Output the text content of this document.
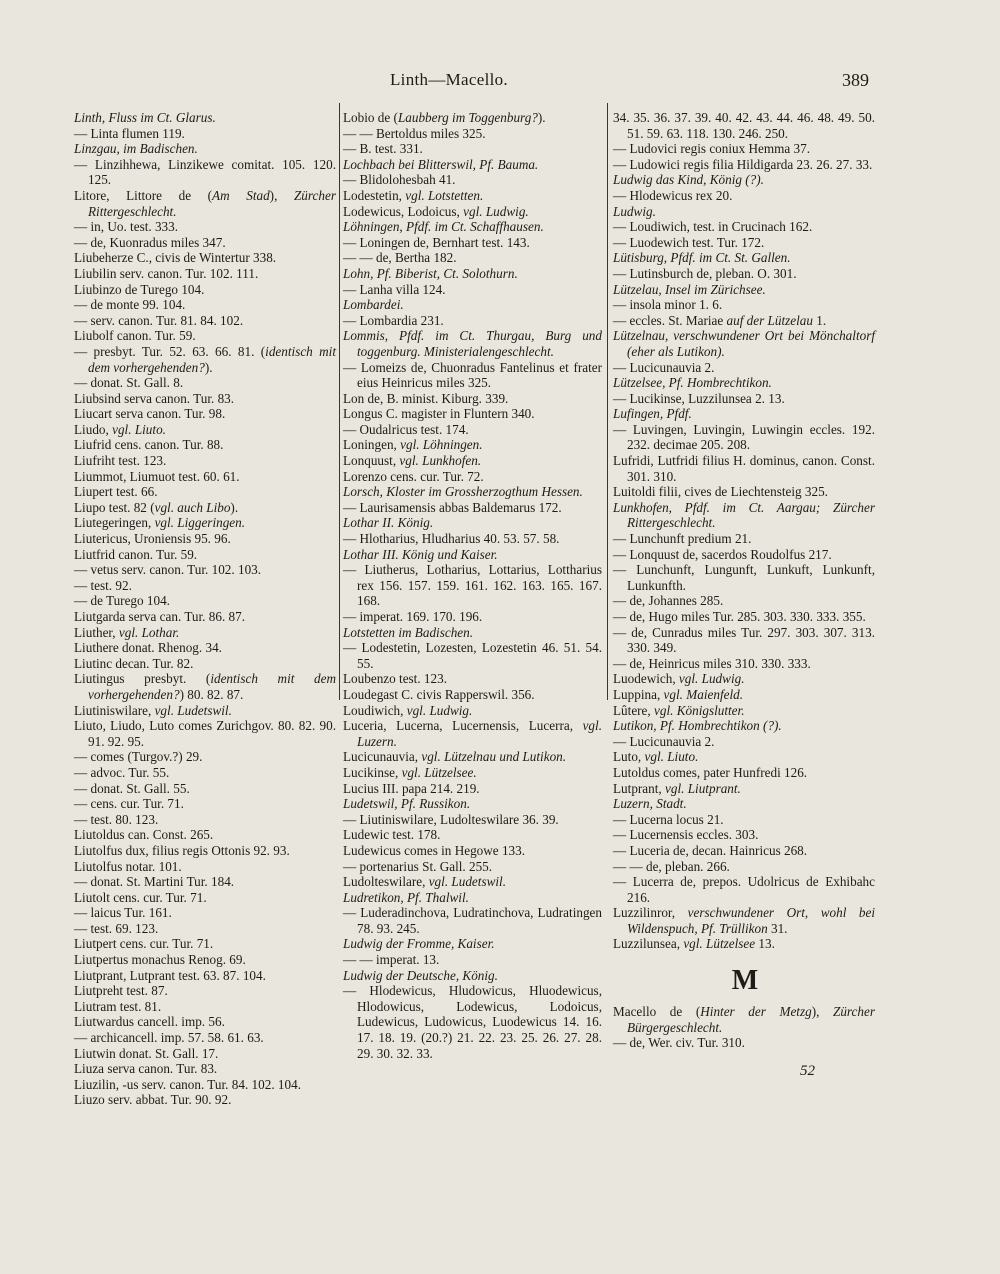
Linth—Macello.	389

Linth, Fluss im Ct. Glarus.

— Linta flumen 119.

Linzgau, im Badischen.

— Linzihhewa, Linzikewe comitat. 105. 120. 125.

Litore, Littore de (Am Stad), Zürcher Rittergeschlecht.

— in, Uo. test. 333.

— de, Kuonradus miles 347.

Liubeherze C., civis de Wintertur 338.

Liubilin serv. canon. Tur. 102. 111.

Liubinzo de Turego 104.

— de monte 99. 104.

— serv. canon. Tur. 81. 84. 102.

Liubolf canon. Tur. 59.

— presbyt. Tur. 52. 63. 66. 81. (identisch mit dem vorhergehenden?).

— donat. St. Gall. 8.

Liubsind serva canon. Tur. 83.

Liucart serva canon. Tur. 98.

Liudo, vgl. Liuto.

Liufrid cens. canon. Tur. 88.

Liufriht test. 123.

Liummot, Liumuot test. 60. 61.

Liupert test. 66.

Liupo test. 82 (vgl. auch Libo).

Liutegeringen, vgl. Liggeringen.

Liutericus, Uroniensis 95. 96.

Liutfrid canon. Tur. 59.

— vetus serv. canon. Tur. 102. 103.

— test. 92.

— de Turego 104.

Liutgarda serva can. Tur. 86. 87.

Liuther, vgl. Lothar.

Liuthere donat. Rhenog. 34.

Liutinc decan. Tur. 82.

Liutingus presbyt. (identisch mit dem vorhergehenden?) 80. 82. 87.

Liutiniswilare, vgl. Ludetswil.

Liuto, Liudo, Luto comes Zurichgov. 80. 82. 90. 91. 92. 95.

— comes (Turgov.?) 29.

— advoc. Tur. 55.

— donat. St. Gall. 55.

— cens. cur. Tur. 71.

— test. 80. 123.

Liutoldus can. Const. 265.

Liutolfus dux, filius regis Ottonis 92. 93.

Liutolfus notar. 101.

— donat. St. Martini Tur. 184.

Liutolt cens. cur. Tur. 71.

— laicus Tur. 161.

— test. 69. 123.

Liutpert cens. cur. Tur. 71.

Liutpertus monachus Renog. 69.

Liutprant, Lutprant test. 63. 87. 104.

Liutpreht test. 87.

Liutram test. 81.

Liutwardus cancell. imp. 56.

— archicancell. imp. 57. 58. 61. 63.

Liutwin donat. St. Gall. 17.

Liuza serva canon. Tur. 83.

Liuzilin, -us serv. canon. Tur. 84. 102. 104.

Liuzo serv. abbat. Tur. 90. 92.

Lobio de (Laubberg im Toggenburg?).

— — Bertoldus miles 325.

— B. test. 331.

Lochbach bei Blitterswil, Pf. Bauma.

— Blidolohesbah 41.

Lodestetin, vgl. Lotstetten.

Lodewicus, Lodoicus, vgl. Ludwig.

Löhningen, Pfdf. im Ct. Schaffhausen.

— Loningen de, Bernhart test. 143.

— — de, Bertha 182.

Lohn, Pf. Biberist, Ct. Solothurn.

— Lanha villa 124.

Lombardei.

— Lombardia 231.

Lommis, Pfdf. im Ct. Thurgau, Burg und toggenburg. Ministerialengeschlecht.

— Lomeizs de, Chuonradus Fantelinus et frater eius Heinricus miles 325.

Lon de, B. minist. Kiburg. 339.

Longus C. magister in Fluntern 340.

— Oudalricus test. 174.

Loningen, vgl. Löhningen.

Lonquust, vgl. Lunkhofen.

Lorenzo cens. cur. Tur. 72.

Lorsch, Kloster im Grossherzogthum Hessen.

— Laurisamensis abbas Baldemarus 172.

Lothar II. König.

— Hlotharius, Hludharius 40. 53. 57. 58.

Lothar III. König und Kaiser.

— Liutherus, Lotharius, Lottarius, Lottharius rex 156. 157. 159. 161. 162. 163. 165. 167. 168.

— imperat. 169. 170. 196.

Lotstetten im Badischen.

— Lodestetin, Lozesten, Lozestetin 46. 51. 54. 55.

Loubenzo test. 123.

Loudegast C. civis Rapperswil. 356.

Loudiwich, vgl. Ludwig.

Luceria, Lucerna, Lucernensis, Lucerra, vgl. Luzern.

Lucicunauvia, vgl. Lützelnau und Lutikon.

Lucikinse, vgl. Lützelsee.

Lucius III. papa 214. 219.

Ludetswil, Pf. Russikon.

— Liutiniswilare, Ludolteswilare 36. 39.

Ludewic test. 178.

Ludewicus comes in Hegowe 133.

— portenarius St. Gall. 255.

Ludolteswilare, vgl. Ludetswil.

Ludretikon, Pf. Thalwil.

— Luderadinchova, Ludratinchova, Ludratingen 78. 93. 245.

Ludwig der Fromme, Kaiser.

— — imperat. 13.

Ludwig der Deutsche, König.

— Hlodewicus, Hludowicus, Hluodewicus, Hlodowicus, Lodewicus, Lodoicus, Ludewicus, Ludowicus, Luodewicus 14. 16. 17. 18. 19. (20.?) 21. 22. 23. 25. 26. 27. 28. 29. 30. 32. 33.

34. 35. 36. 37. 39. 40. 42. 43. 44. 46. 48. 49. 50. 51. 59. 63. 118. 130. 246. 250.

— Ludovici regis coniux Hemma 37.

— Ludowici regis filia Hildigarda 23. 26. 27. 33.

Ludwig das Kind, König (?).

— Hlodewicus rex 20.

Ludwig.

— Loudiwich, test. in Crucinach 162.

— Luodewich test. Tur. 172.

Lütisburg, Pfdf. im Ct. St. Gallen.

— Lutinsburch de, pleban. O. 301.

Lützelau, Insel im Zürichsee.

— insola minor 1. 6.

— eccles. St. Mariae auf der Lützelau 1.

Lützelnau, verschwundener Ort bei Mönchaltorf (eher als Lutikon).

— Lucicunauvia 2.

Lützelsee, Pf. Hombrechtikon.

— Lucikinse, Luzzilunsea 2. 13.

Lufingen, Pfdf.

— Luvingen, Luvingin, Luwingin eccles. 192. 232. decimae 205. 208.

Lufridi, Lutfridi filius H. dominus, canon. Const. 301. 310.

Luitoldi filii, cives de Liechtensteig 325.

Lunkhofen, Pfdf. im Ct. Aargau; Zürcher Rittergeschlecht.

— Lunchunft predium 21.

— Lonquust de, sacerdos Roudolfus 217.

— Lunchunft, Lungunft, Lunkuft, Lunkunft, Lunkunfth.

— de, Johannes 285.

— de, Hugo miles Tur. 285. 303. 330. 333. 355.

— de, Cunradus miles Tur. 297. 303. 307. 313. 330. 349.

— de, Heinricus miles 310. 330. 333.

Luodewich, vgl. Ludwig.

Luppina, vgl. Maienfeld.

Lûtere, vgl. Königslutter.

Lutikon, Pf. Hombrechtikon (?).

— Lucicunauvia 2.

Luto, vgl. Liuto.

Lutoldus comes, pater Hunfredi 126.

Lutprant, vgl. Liutprant.

Luzern, Stadt.

— Lucerna locus 21.

— Lucernensis eccles. 303.

— Luceria de, decan. Hainricus 268.

— — de, pleban. 266.

— Lucerra de, prepos. Udolricus de Exhibahc 216.

Luzzilinror, verschwundener Ort, wohl bei Wildenspuch, Pf. Trüllikon 31.

Luzzilunsea, vgl. Lützelsee 13.

M

Macello de (Hinter der Metzg), Zürcher Bürgergeschlecht.

— de, Wer. civ. Tur. 310.

52
